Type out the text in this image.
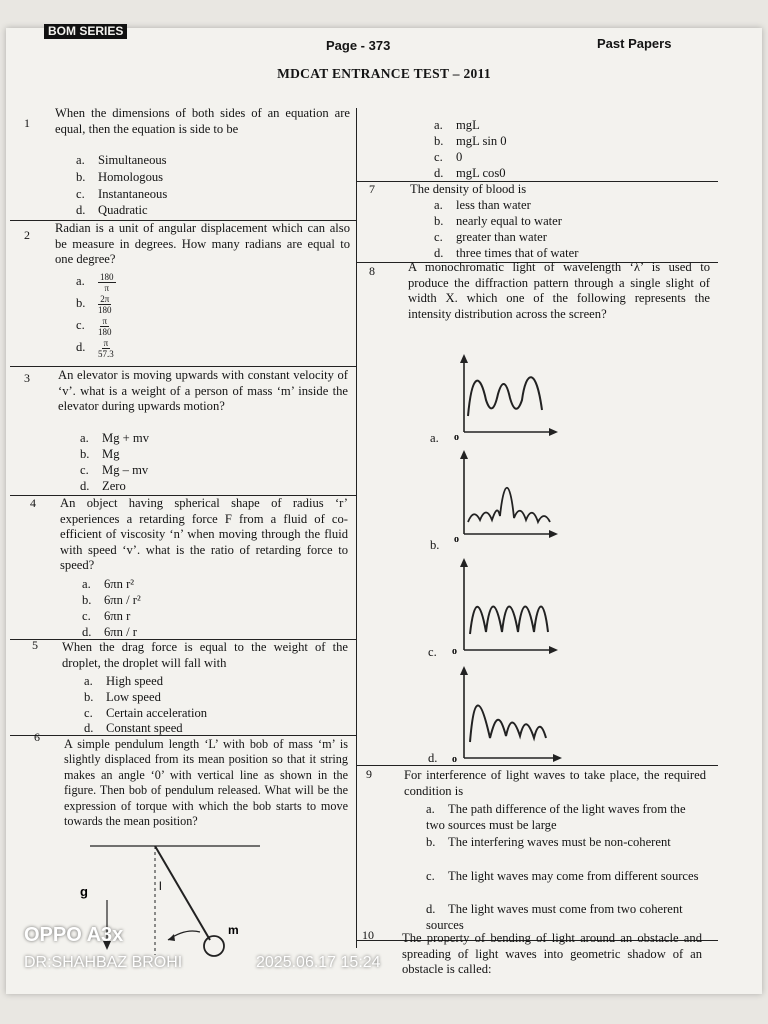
BOM SERIES
Page - 373	Past Papers
MDCAT ENTRANCE TEST – 2011
1
When the dimensions of both sides of an equation are equal, then the equation is side to be
a. Simultaneous
b. Homologous
c. Instantaneous
d. Quadratic
2 Radian is a unit of angular displacement which can also be measure in degrees. How many radians are equal to one degree?
a. $\frac{180}{\pi}$
b. $\frac{2\pi}{180}$
c. $\frac{\pi}{180}$
d. $\frac{\pi}{57.3}$
3 An elevator is moving upwards with constant velocity of ‘v’. what is a weight of a person of mass ‘m’ inside the elevator during upwards motion?
a. Mg + mv
b. Mg
c. Mg – mv
d. Zero
4 An object having spherical shape of radius ‘r’ experiences a retarding force F from a fluid of co-efficient of viscosity ‘n’ when moving through the fluid with speed ‘v’. what is the ratio of retarding force to speed?
a. 6πn r²
b. 6πn / r²
c. 6πn r
d. 6πn / r
5 When the drag force is equal to the weight of the droplet, the droplet will fall with
a. High speed
b. Low speed
c. Certain acceleration
d. Constant speed
6 A simple pendulum length ‘L’ with bob of mass ‘m’ is slightly displaced from its mean position so that it string makes an angle ‘0’ with vertical line as shown in the figure. Then bob of pendulum released. What will be the expression of torque with which the bob starts to move towards the mean position?
g	l
m
a. mgL
b. mgL sin 0
c. 0
d. mgL cos0
7	The density of blood is
a. less than water
b. nearly equal to water
c. greater than water
d. three times that of water
8	A monochromatic light of wavelength ‘λ’ is used to produce the diffraction pattern through a single slight of width X. which one of the following represents the intensity distribution across the screen?
a. o
b. o
c. o
d. o
9	For interference of light waves to take place, the required condition is
a. The path difference of the light waves from the two sources must be large
b. The interfering waves must be non-coherent
c. The light waves may come from different sources
d. The light waves must come from two coherent sources
10 The property of bending of light around an obstacle and spreading of light waves into geometric shadow of an obstacle is called:
OPPO A3x
DR:SHAHBAZ BROHI	2025.06.17 15:24
